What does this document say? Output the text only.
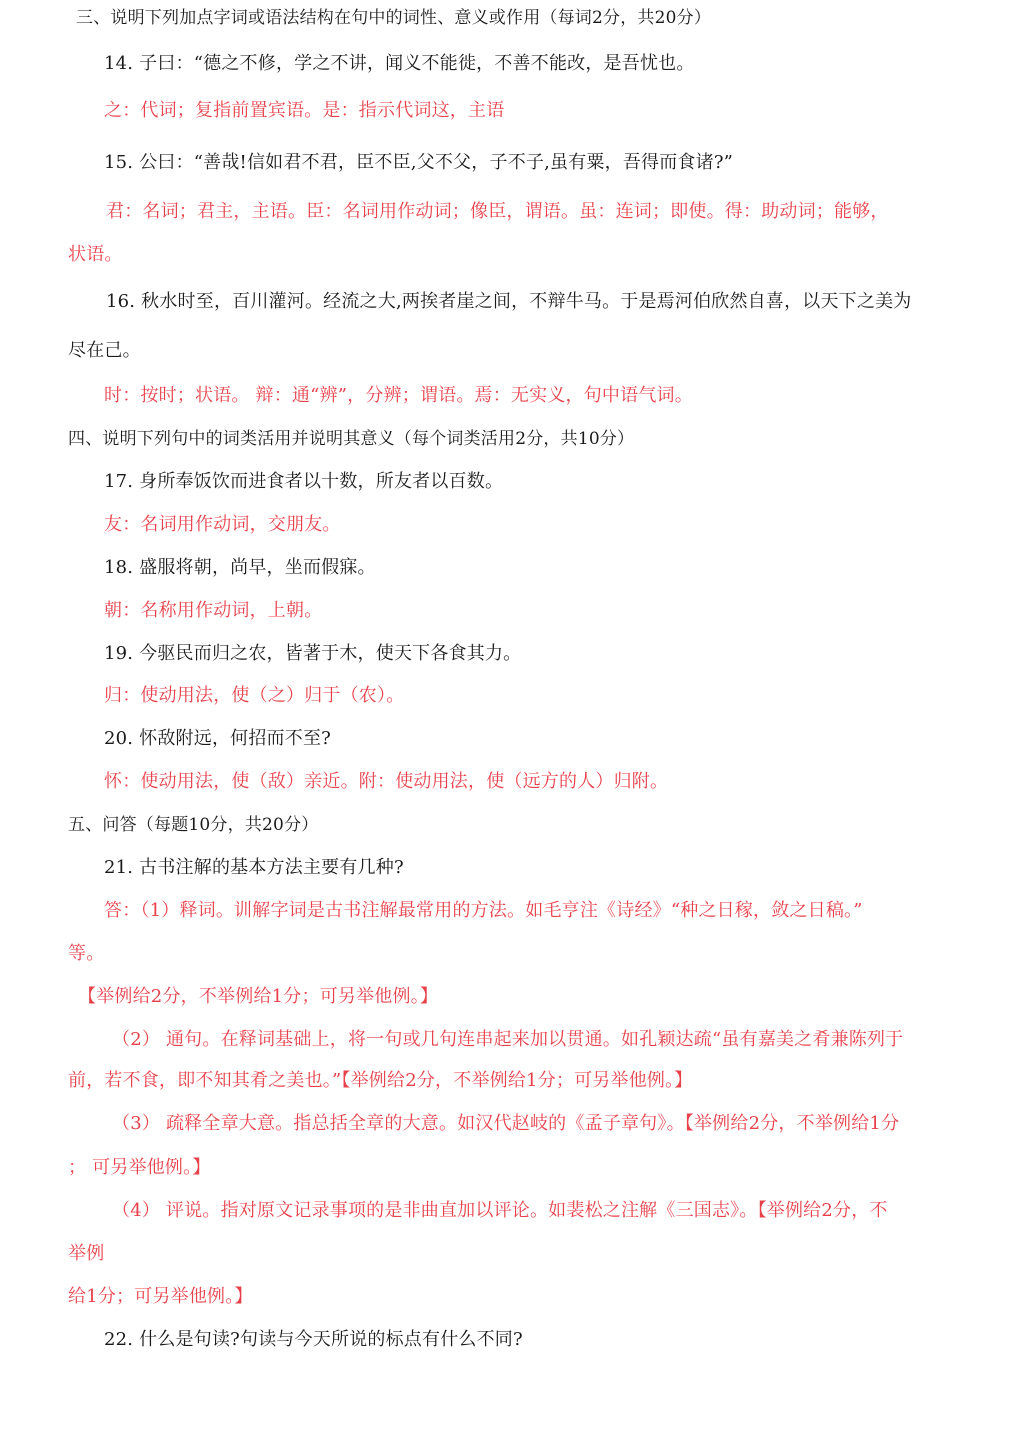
三、说明下列加点字词或语法结构在句中的词性、意义或作用（每词2分，共20分）
14. 子曰：“德之不修，学之不讲，闻义不能徙，不善不能改，是吾忧也。
之：代词；复指前置宾语。是：指示代词这，主语
15. 公曰：“善哉!信如君不君，臣不臣,父不父，子不子,虽有粟，吾得而食诸?”
君：名词；君主，主语。臣：名词用作动词；像臣，谓语。虽：连词；即使。得：助动词；能够，
状语。
16. 秋水时至，百川灌河。经流之大,两挨者崖之间，不辩牛马。于是焉河伯欣然自喜，以天下之美为
尽在己。
时：按时；状语。 辩：通“辨”，分辨；谓语。焉：无实义，句中语气词。
四、说明下列句中的词类活用并说明其意义（每个词类活用2分，共10分）
17. 身所奉饭饮而进食者以十数，所友者以百数。
友：名词用作动词，交朋友。
18. 盛服将朝，尚早，坐而假寐。
朝：名称用作动词，上朝。
19. 今驱民而归之农，皆著于木，使天下各食其力。
归：使动用法，使（之）归于（农）。
20. 怀敌附远，何招而不至?
怀：使动用法，使（敌）亲近。附：使动用法，使（远方的人）归附。
五、问答（每题10分，共20分）
21. 古书注解的基本方法主要有几种?
答：（1）释词。训解字词是古书注解最常用的方法。如毛亨注《诗经》“种之日稼，敛之日稿。”
等。
【举例给2分，不举例给1分；可另举他例。】
（2） 通句。在释词基础上，将一句或几句连串起来加以贯通。如孔颖达疏“虽有嘉美之肴兼陈列于
前，若不食，即不知其肴之美也。”【举例给2分，不举例给1分；可另举他例。】
（3） 疏释全章大意。指总括全章的大意。如汉代赵岐的《孟子章句》。【举例给2分，不举例给1分
； 可另举他例。】
（4） 评说。指对原文记录事项的是非曲直加以评论。如裴松之注解《三国志》。【举例给2分，不
举例
给1分；可另举他例。】
22. 什么是句读?句读与今天所说的标点有什么不同?
